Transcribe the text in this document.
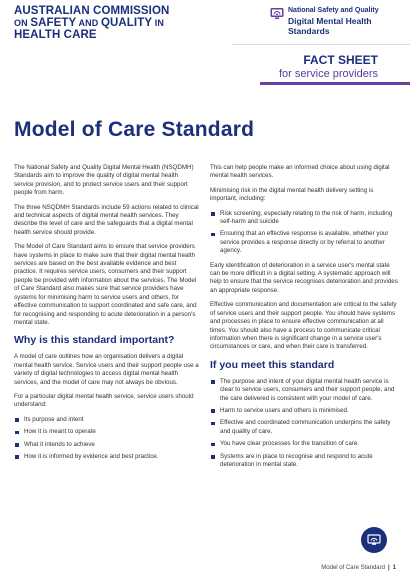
AUSTRALIAN COMMISSION
ON SAFETY AND QUALITY IN HEALTH CARE
National Safety and Quality
Digital Mental Health
Standards
FACT SHEET
for service providers
Model of Care Standard

The National Safety and Quality Digital Mental Health (NSQDMH) Standards aim to improve the quality of digital mental health service provision, and to protect service users and their support people from harm.

The three NSQDMH Standards include 59 actions related to clinical and technical aspects of digital mental health services. They describe the level of care and the safeguards that a digital mental health service should provide.

The Model of Care Standard aims to ensure that service providers have systems in place to make sure that their digital mental health services are based on the best available evidence and best practice. It requires service users, consumers and their support people be provided with information about the services. The Model of Care Standard also makes sure that service providers have systems for minimising harm to service users and others, for effective communication to support coordinated and safe care, and for recognising and responding to acute deterioration in a person's mental state.

Why is this standard important?

A model of care outlines how an organisation delivers a digital mental health service. Service users and their support people use a variety of digital technologies to access digital mental health services, and the model of care may not always be obvious.

For a particular digital mental health service, service users should understand:

Its purpose and intent
How it is meant to operate
What it intends to achieve
How it is informed by evidence and best practice.

This can help people make an informed choice about using digital mental health services.

Minimising risk in the digital mental health delivery setting is important, including:

Risk screening, especially relating to the risk of harm, including self-harm and suicide
Ensuring that an effective response is available, whether your service provides a response directly or by referral to another agency.

Early identification of deterioration in a service user's mental state can be more difficult in a digital setting. A systematic approach will help to ensure that the service recognises deterioration and provides an appropriate response.

Effective communication and documentation are critical to the safety of service users and their support people. You should have systems and processes in place to ensure effective communication at all times. You should also have a process to communicate critical information when there is significant change in a service user's circumstances or care, and when their care is transferred.

If you meet this standard
The purpose and intent of your digital mental health service is clear to service users, consumers and their support people, and the care delivered is consistent with your model of care.
Harm to service users and others is minimised.
Effective and coordinated communication underpins the safety and quality of care.
You have clear processes for the transition of care.
Systems are in place to recognise and respond to acute deterioration in mental state.
Model of Care Standard | 1
